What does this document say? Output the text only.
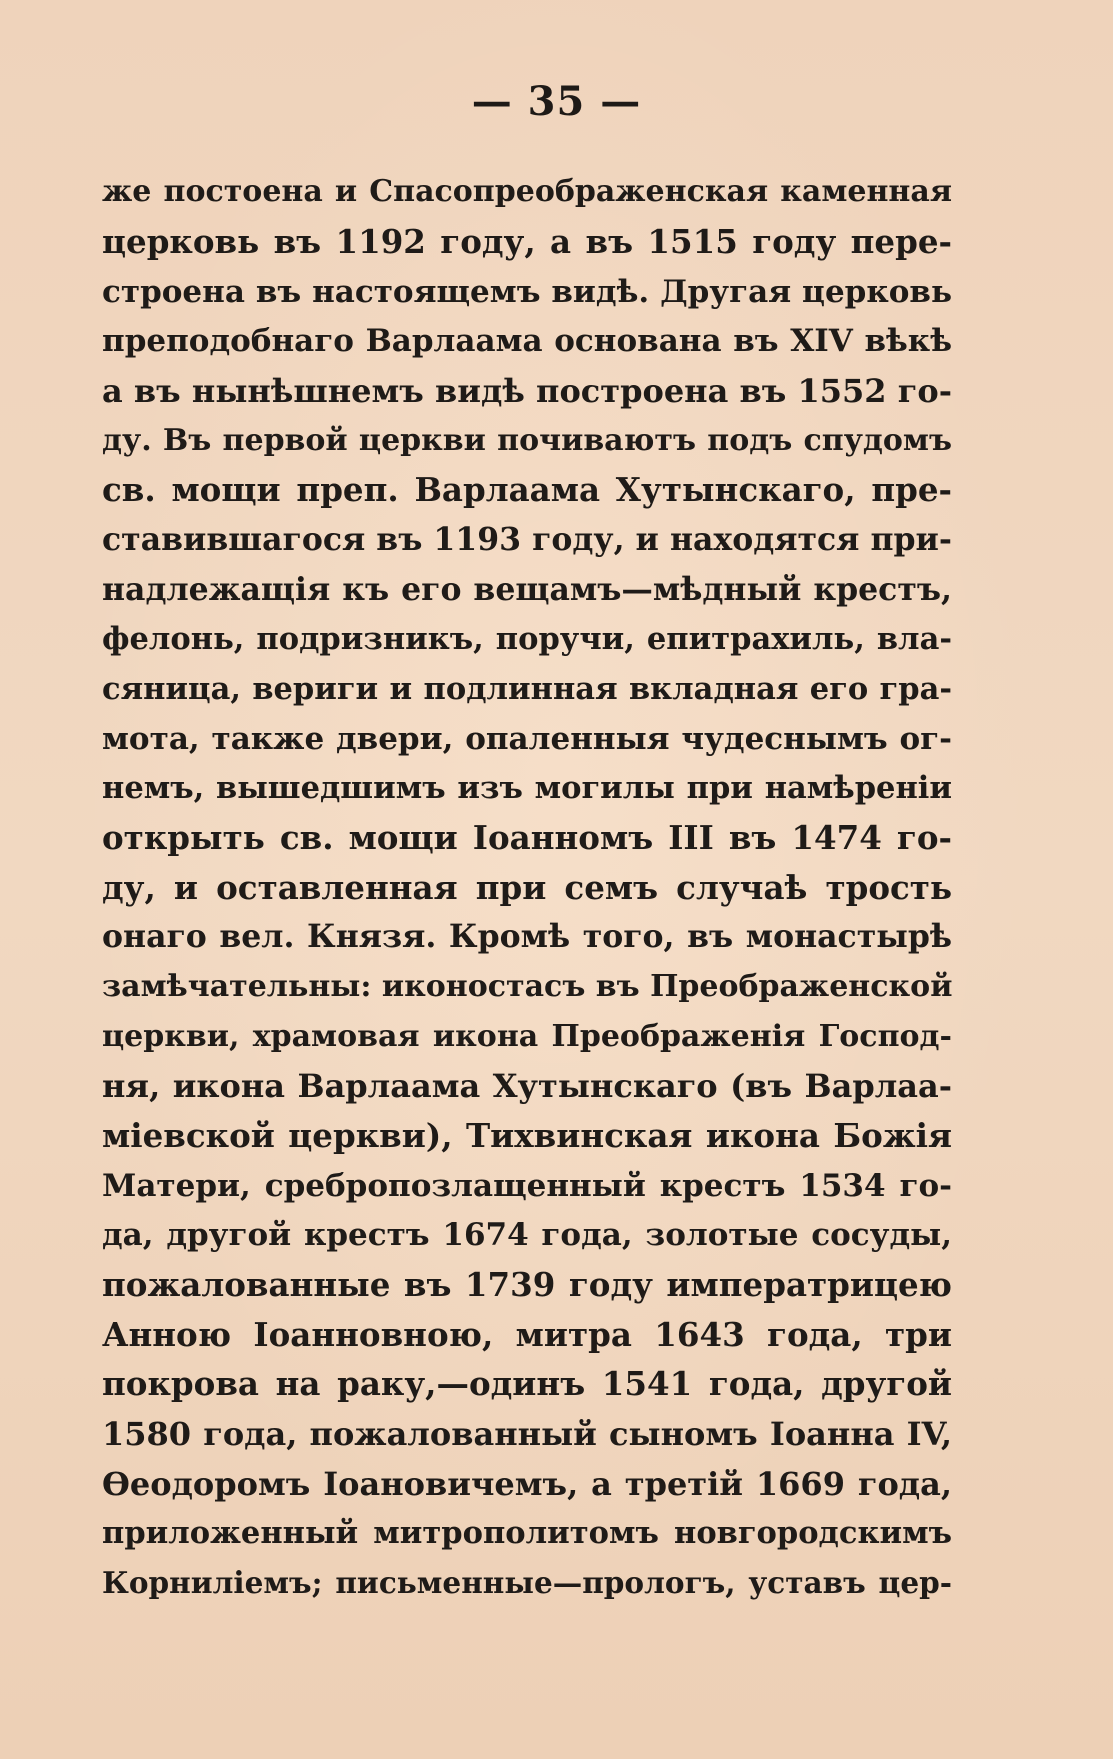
— 35 —
же постоена и Спасопреображенская каменная
церковь въ 1192 году, а въ 1515 году пере-
строена въ настоящемъ видѣ. Другая церковь
преподобнаго Варлаама основана въ XIV вѣкѣ
а въ нынѣшнемъ видѣ построена въ 1552 го-
ду. Въ первой церкви почиваютъ подъ спудомъ
св. мощи преп. Варлаама Хутынскаго, пре-
ставившагося въ 1193 году, и находятся при-
надлежащія къ его вещамъ—мѣдный крестъ,
фелонь, подризникъ, поручи, епитрахиль, вла-
сяница, вериги и подлинная вкладная его гра-
мота, также двери, опаленныя чудеснымъ ог-
немъ, вышедшимъ изъ могилы при намѣреніи
открыть св. мощи Іоанномъ III въ 1474 го-
ду, и оставленная при семъ случаѣ трость
онаго вел. Князя. Кромѣ того, въ монастырѣ
замѣчательны: иконостасъ въ Преображенской
церкви, храмовая икона Преображенія Господ-
ня, икона Варлаама Хутынскаго (въ Варлаа-
міевской церкви), Тихвинская икона Божія
Матери, сребропозлащенный крестъ 1534 го-
да, другой крестъ 1674 года, золотые сосуды,
пожалованные въ 1739 году императрицею
Анною Іоанновною, митра 1643 года, три
покрова на раку,—одинъ 1541 года, другой
1580 года, пожалованный сыномъ Іоанна IV,
Ѳеодоромъ Іоановичемъ, а третій 1669 года,
приложенный митрополитомъ новгородскимъ
Корниліемъ; письменные—прологъ, уставъ цер-
